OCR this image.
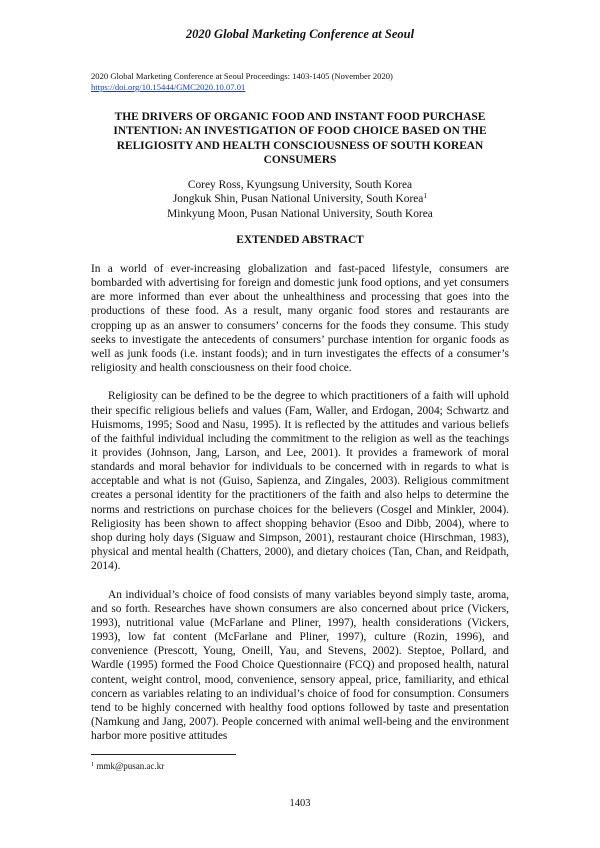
2020 Global Marketing Conference at Seoul
2020 Global Marketing Conference at Seoul Proceedings: 1403-1405 (November 2020)
https://doi.org/10.15444/GMC2020.10.07.01
THE DRIVERS OF ORGANIC FOOD AND INSTANT FOOD PURCHASE INTENTION: AN INVESTIGATION OF FOOD CHOICE BASED ON THE RELIGIOSITY AND HEALTH CONSCIOUSNESS OF SOUTH KOREAN CONSUMERS
Corey Ross, Kyungsung University, South Korea
Jongkuk Shin, Pusan National University, South Korea$^1$
Minkyung Moon, Pusan National University, South Korea
EXTENDED ABSTRACT

In a world of ever-increasing globalization and fast-paced lifestyle, consumers are bombarded with advertising for foreign and domestic junk food options, and yet consumers are more informed than ever about the unhealthiness and processing that goes into the productions of these food. As a result, many organic food stores and restaurants are cropping up as an answer to consumers’ concerns for the foods they consume. This study seeks to investigate the antecedents of consumers’ purchase intention for organic foods as well as junk foods (i.e. instant foods); and in turn investigates the effects of a consumer’s religiosity and health consciousness on their food choice.

Religiosity can be defined to be the degree to which practitioners of a faith will uphold their specific religious beliefs and values (Fam, Waller, and Erdogan, 2004; Schwartz and Huismoms, 1995; Sood and Nasu, 1995). It is reflected by the attitudes and various beliefs of the faithful individual including the commitment to the religion as well as the teachings it provides (Johnson, Jang, Larson, and Lee, 2001). It provides a framework of moral standards and moral behavior for individuals to be concerned with in regards to what is acceptable and what is not (Guiso, Sapienza, and Zingales, 2003). Religious commitment creates a personal identity for the practitioners of the faith and also helps to determine the norms and restrictions on purchase choices for the believers (Cosgel and Minkler, 2004). Religiosity has been shown to affect shopping behavior (Esoo and Dibb, 2004), where to shop during holy days (Siguaw and Simpson, 2001), restaurant choice (Hirschman, 1983), physical and mental health (Chatters, 2000), and dietary choices (Tan, Chan, and Reidpath, 2014).

An individual’s choice of food consists of many variables beyond simply taste, aroma, and so forth. Researches have shown consumers are also concerned about price (Vickers, 1993), nutritional value (McFarlane and Pliner, 1997), health considerations (Vickers, 1993), low fat content (McFarlane and Pliner, 1997), culture (Rozin, 1996), and convenience (Prescott, Young, Oneill, Yau, and Stevens, 2002). Steptoe, Pollard, and Wardle (1995) formed the Food Choice Questionnaire (FCQ) and proposed health, natural content, weight control, mood, convenience, sensory appeal, price, familiarity, and ethical concern as variables relating to an individual’s choice of food for consumption. Consumers tend to be highly concerned with healthy food options followed by taste and presentation (Namkung and Jang, 2007). People concerned with animal well-being and the environment harbor more positive attitudes

$^1$ mmk@pusan.ac.kr
1403
